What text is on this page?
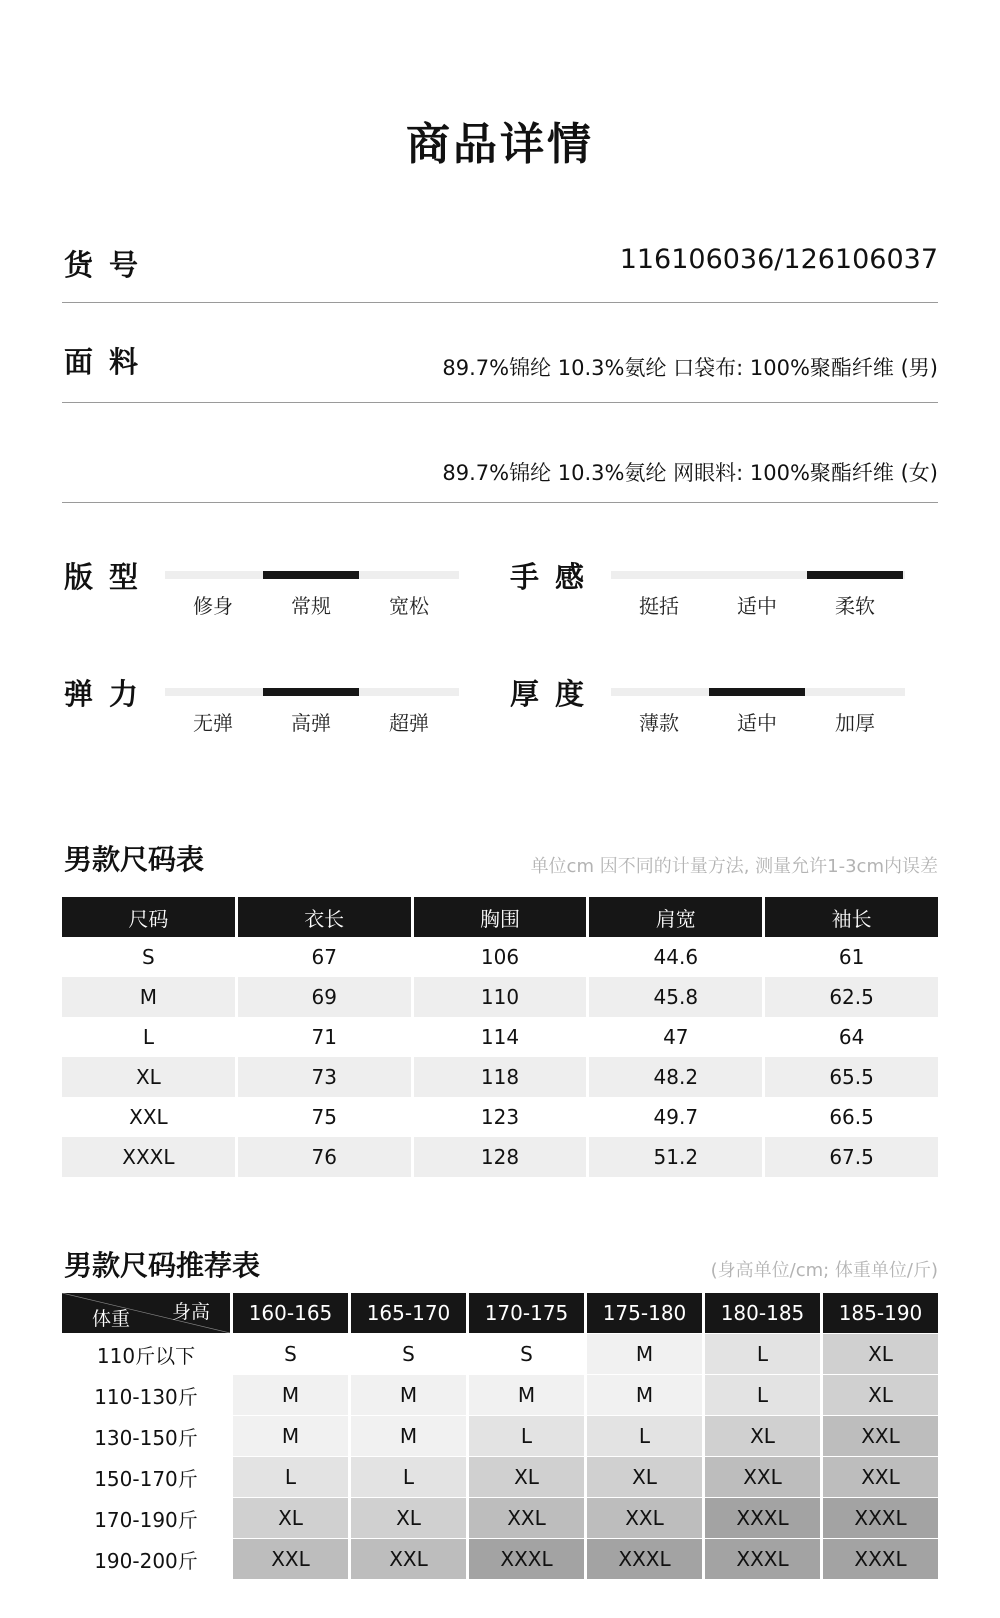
商品详情
货号	116106036/126106037
面料	89.7%锦纶 10.3%氨纶 口袋布: 100%聚酯纤维 (男)
89.7%锦纶 10.3%氨纶 网眼料: 100%聚酯纤维 (女)
版型
修身	常规	宽松
手感
挺括	适中	柔软
弹力
无弹	高弹	超弹
厚度
薄款	适中	加厚
男款尺码表	单位cm 因不同的计量方法, 测量允许1-3cm内误差
尺码	衣长	胸围	肩宽	袖长
S	67	106	44.6	61
M	69	110	45.8	62.5
L	71	114	47	64
XL	73	118	48.2	65.5
XXL	75	123	49.7	66.5
XXXL	76	128	51.2	67.5
男款尺码推荐表	(身高单位/cm; 体重单位/斤)
身高
体重	160-165	165-170	170-175	175-180	180-185	185-190
110斤以下	S	S	S	M	L	XL
110-130斤	M	M	M	M	L	XL
130-150斤	M	M	L	L	XL	XXL
150-170斤	L	L	XL	XL	XXL	XXL
170-190斤	XL	XL	XXL	XXL	XXXL	XXXL
190-200斤	XXL	XXL	XXXL	XXXL	XXXL	XXXL
